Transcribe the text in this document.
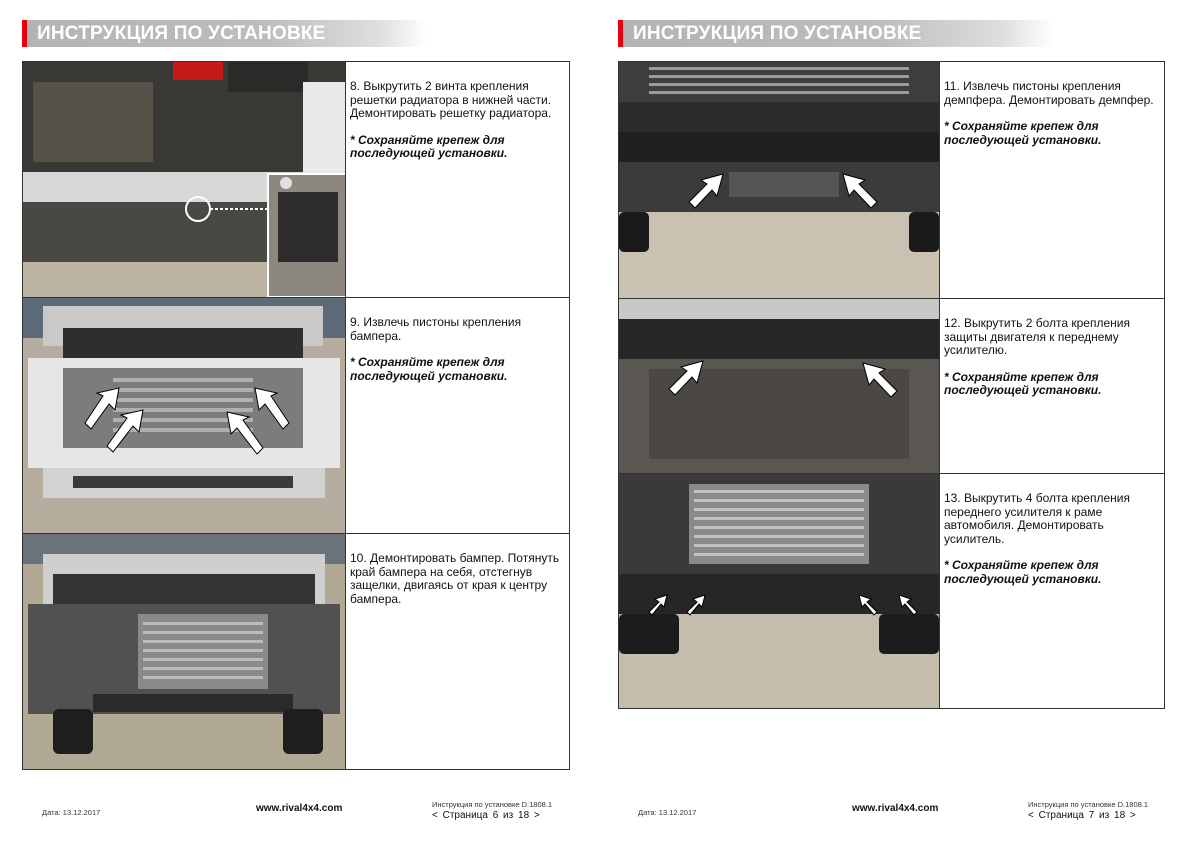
ИНСТРУКЦИЯ ПО УСТАНОВКЕ
8. Выкрутить 2 винта крепления решетки радиатора в нижней части. Демонтировать решетку радиатора.
* Сохраняйте крепеж для последующей установки.
9. Извлечь пистоны крепления бампера.
* Сохраняйте крепеж для последующей установки.
10. Демонтировать бампер. Потянуть край бампера на себя, отстегнув защелки, двигаясь от края к центру бампера.
Дата: 13.12.2017	www.rival4x4.com	Инструкция по установке D.1808.1
< Страница 6 из 18 >
ИНСТРУКЦИЯ ПО УСТАНОВКЕ
11. Извлечь пистоны крепления демпфера. Демонтировать демпфер.
* Сохраняйте крепеж для последующей установки.
12. Выкрутить 2 болта крепления защиты двигателя к переднему усилителю.
* Сохраняйте крепеж для последующей установки.
13. Выкрутить 4 болта крепления переднего усилителя к раме автомобиля. Демонтировать усилитель.
* Сохраняйте крепеж для последующей установки.
Дата: 13.12.2017	www.rival4x4.com	Инструкция по установке D.1808.1
< Страница 7 из 18 >
